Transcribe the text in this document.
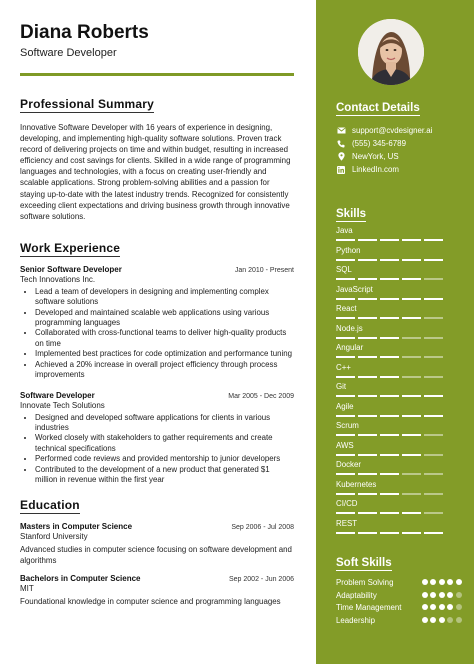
Diana Roberts
Software Developer
Professional Summary
Innovative Software Developer with 16 years of experience in designing, developing, and implementing high-quality software solutions. Proven track record of delivering projects on time and within budget, resulting in increased efficiency and cost savings for clients. Skilled in a wide range of programming languages and technologies, with a focus on creating user-friendly and scalable applications. Strong problem-solving abilities and a passion for staying up-to-date with the latest industry trends. Recognized for consistently exceeding client expectations and driving business growth through innovative software solutions.
Work Experience
Senior Software Developer	Jan 2010 - Present
Tech Innovations Inc.
• Lead a team of developers in designing and implementing complex software solutions
• Developed and maintained scalable web applications using various programming languages
• Collaborated with cross-functional teams to deliver high-quality products on time
• Implemented best practices for code optimization and performance tuning
• Achieved a 20% increase in overall project efficiency through process improvements
Software Developer	Mar 2005 - Dec 2009
Innovate Tech Solutions
• Designed and developed software applications for clients in various industries
• Worked closely with stakeholders to gather requirements and create technical specifications
• Performed code reviews and provided mentorship to junior developers
• Contributed to the development of a new product that generated $1 million in revenue within the first year
Education
Masters in Computer Science	Sep 2006 - Jul 2008
Stanford University
Advanced studies in computer science focusing on software development and algorithms
Bachelors in Computer Science	Sep 2002 - Jun 2006
MIT
Foundational knowledge in computer science and programming languages
Contact Details
support@cvdesigner.ai
(555) 345-6789
NewYork, US
LinkedIn.com
Skills
Java
Python
SQL
JavaScript
React
Node.js
Angular
C++
Git
Agile
Scrum
AWS
Docker
Kubernetes
CI/CD
REST
Soft Skills
Problem Solving
Adaptability
Time Management
Leadership
